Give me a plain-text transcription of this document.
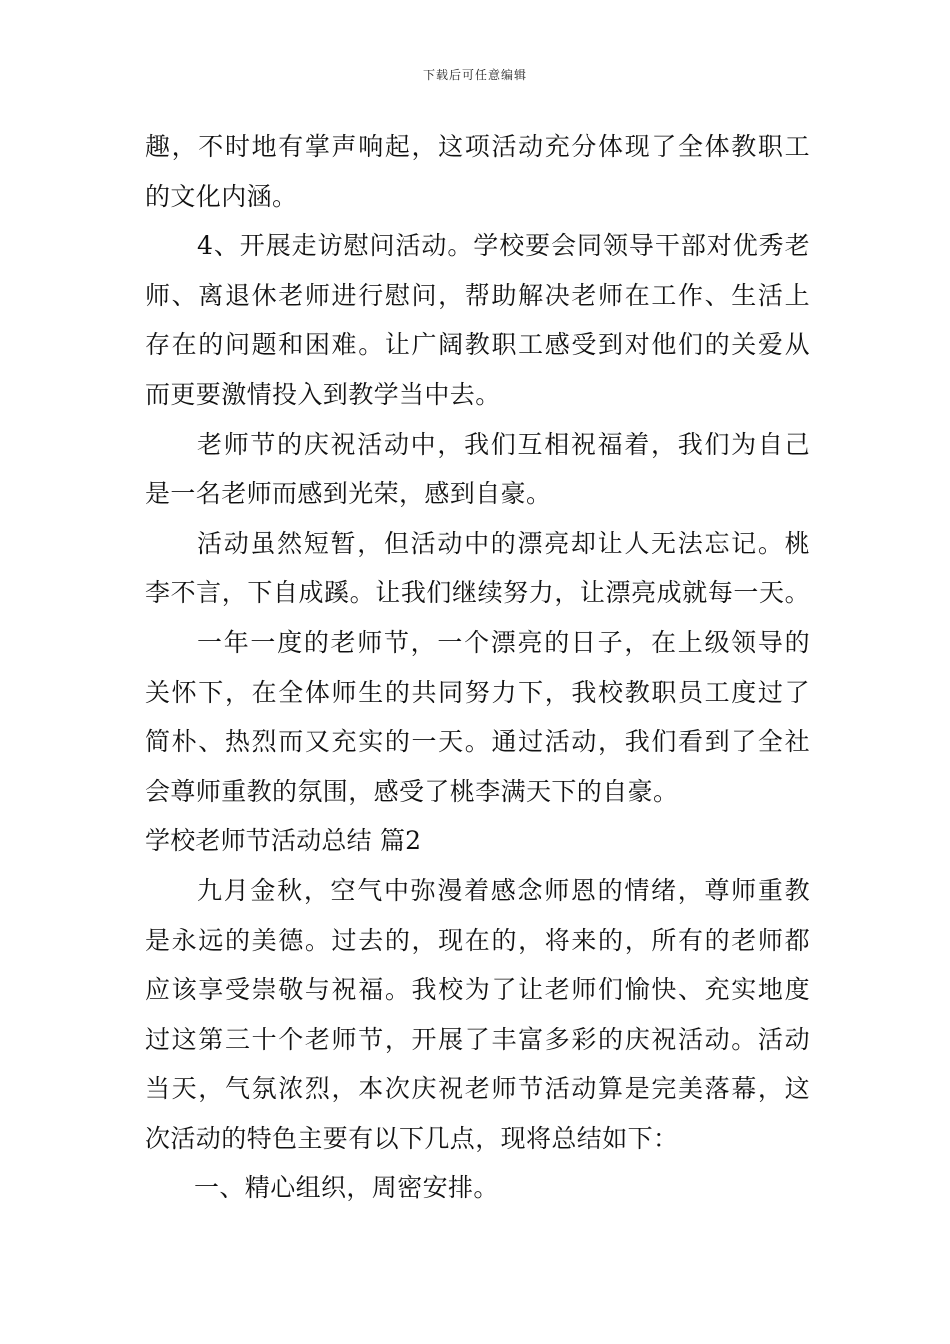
下载后可任意编辑
趣，不时地有掌声响起，这项活动充分体现了全体教职工
的文化内涵。
4、开展走访慰问活动。学校要会同领导干部对优秀老
师、离退休老师进行慰问，帮助解决老师在工作、生活上
存在的问题和困难。让广阔教职工感受到对他们的关爱从
而更要激情投入到教学当中去。
老师节的庆祝活动中，我们互相祝福着，我们为自己
是一名老师而感到光荣，感到自豪。
活动虽然短暂，但活动中的漂亮却让人无法忘记。桃
李不言，下自成蹊。让我们继续努力，让漂亮成就每一天。
一年一度的老师节，一个漂亮的日子，在上级领导的
关怀下，在全体师生的共同努力下，我校教职员工度过了
简朴、热烈而又充实的一天。通过活动，我们看到了全社
会尊师重教的氛围，感受了桃李满天下的自豪。
学校老师节活动总结 篇2
九月金秋，空气中弥漫着感念师恩的情绪，尊师重教
是永远的美德。过去的，现在的，将来的，所有的老师都
应该享受崇敬与祝福。我校为了让老师们愉快、充实地度
过这第三十个老师节，开展了丰富多彩的庆祝活动。活动
当天，气氛浓烈，本次庆祝老师节活动算是完美落幕，这
次活动的特色主要有以下几点，现将总结如下：
一、精心组织，周密安排。
